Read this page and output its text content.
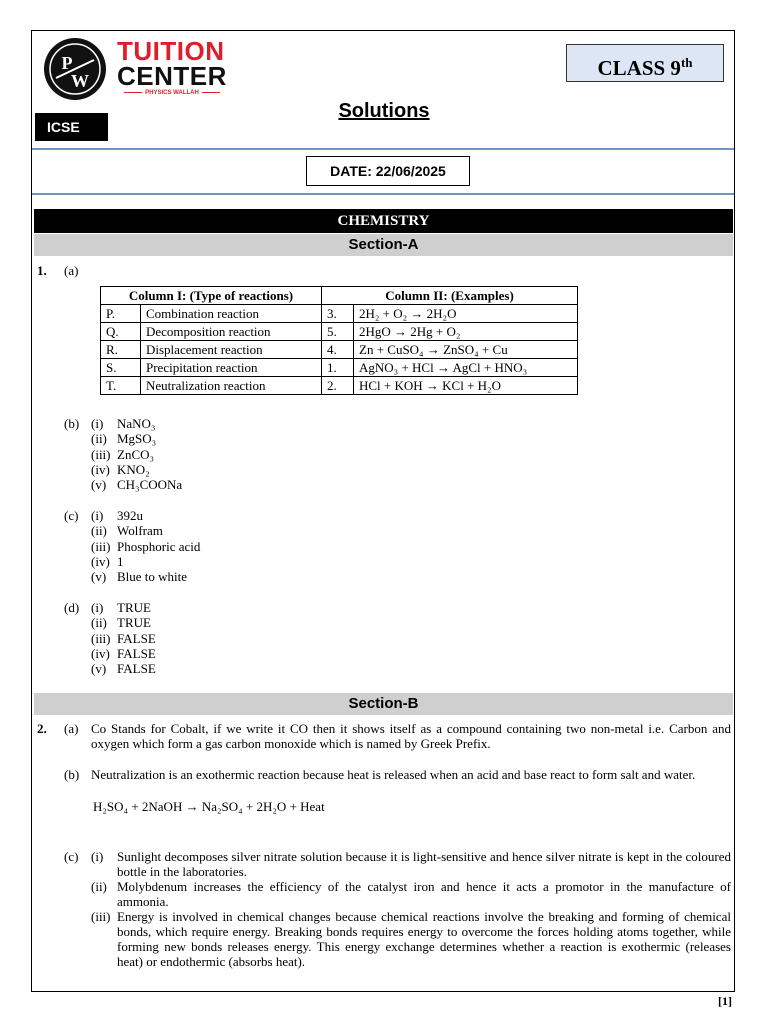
P
W
TUITION
CENTER
PHYSICS WALLAH
ICSE
CLASS 9th
Solutions
DATE: 22/06/2025
CHEMISTRY
Section-A
1. (a)
Column I: (Type of reactions)		Column II: (Examples)	
P.	Combination reaction	3.	2H₂ + O₂ → 2H₂O
Q.	Decomposition reaction	5.	2HgO → 2Hg + O₂
R.	Displacement reaction	4.	Zn + CuSO₄ → ZnSO₄ + Cu
S.	Precipitation reaction	1.	AgNO₃ + HCl → AgCl + HNO₃
T.	Neutralization reaction	2.	HCl + KOH → KCl + H₂O
(b) (i) NaNO₃
(ii) MgSO₃
(iii) ZnCO₃
(iv) KNO₂
(v) CH₃COONa
(c) (i) 392u
(ii) Wolfram
(iii) Phosphoric acid
(iv) 1
(v) Blue to white
(d) (i) TRUE
(ii) TRUE
(iii) FALSE
(iv) FALSE
(v) FALSE
Section-B
2. (a) Co Stands for Cobalt, if we write it CO then it shows itself as a compound containing two non-metal i.e. Carbon and oxygen which form a gas carbon monoxide which is named by Greek Prefix.
(b) Neutralization is an exothermic reaction because heat is released when an acid and base react to form salt and water.
H₂SO₄ + 2NaOH → Na₂SO₄ + 2H₂O + Heat
(c) (i) Sunlight decomposes silver nitrate solution because it is light-sensitive and hence silver nitrate is kept in the coloured bottle in the laboratories.
(ii) Molybdenum increases the efficiency of the catalyst iron and hence it acts a promotor in the manufacture of ammonia.
(iii) Energy is involved in chemical changes because chemical reactions involve the breaking and forming of chemical bonds, which require energy. Breaking bonds requires energy to overcome the forces holding atoms together, while forming new bonds releases energy. This energy exchange determines whether a reaction is exothermic (releases heat) or endothermic (absorbs heat).
[1]
